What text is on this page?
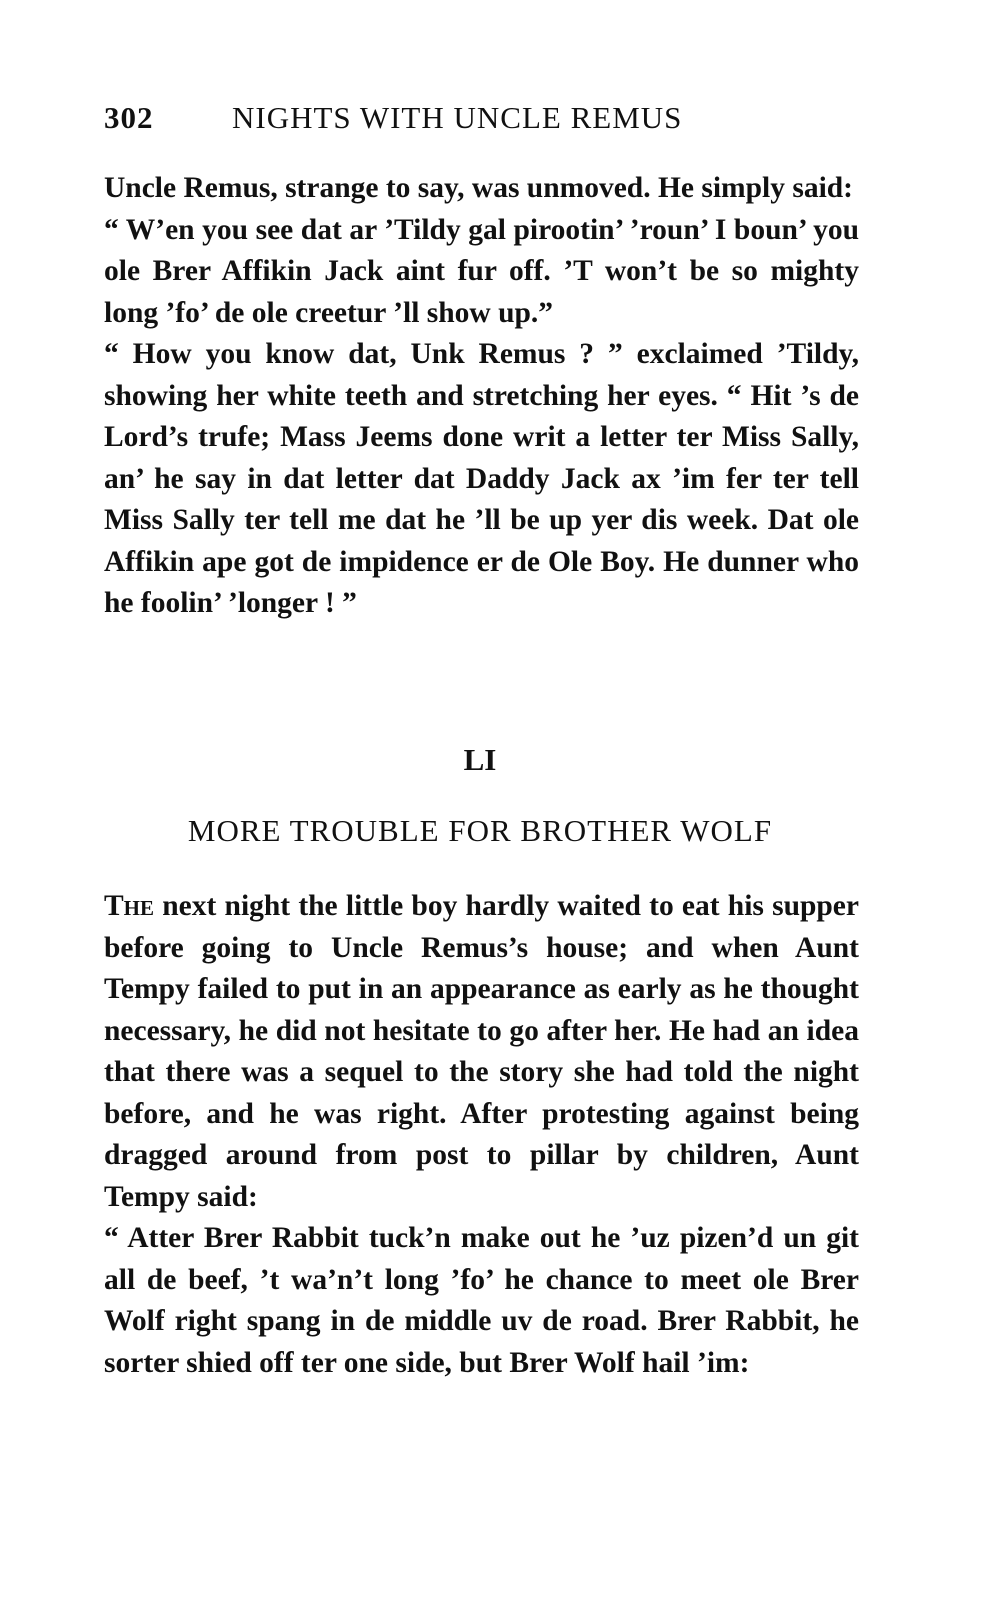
302	NIGHTS WITH UNCLE REMUS

Uncle Remus, strange to say, was unmoved. He simply said:

“ W’en you see dat ar ’Tildy gal pirootin’ ’roun’ I boun’ you ole Brer Affikin Jack aint fur off. ’T won’t be so mighty long ’fo’ de ole creetur ’ll show up.”

“ How you know dat, Unk Remus ? ” exclaimed ’Tildy, showing her white teeth and stretching her eyes. “ Hit ’s de Lord’s trufe; Mass Jeems done writ a letter ter Miss Sally, an’ he say in dat letter dat Daddy Jack ax ’im fer ter tell Miss Sally ter tell me dat he ’ll be up yer dis week. Dat ole Affikin ape got de impidence er de Ole Boy. He dunner who he foolin’ ’longer ! ”

LI
MORE TROUBLE FOR BROTHER WOLF

The next night the little boy hardly waited to eat his supper before going to Uncle Remus’s house; and when Aunt Tempy failed to put in an appearance as early as he thought necessary, he did not hesitate to go after her. He had an idea that there was a sequel to the story she had told the night before, and he was right. After protesting against being dragged around from post to pillar by children, Aunt Tempy said:

“ Atter Brer Rabbit tuck’n make out he ’uz pizen’d un git all de beef, ’t wa’n’t long ’fo’ he chance to meet ole Brer Wolf right spang in de middle uv de road. Brer Rabbit, he sorter shied off ter one side, but Brer Wolf hail ’im:
